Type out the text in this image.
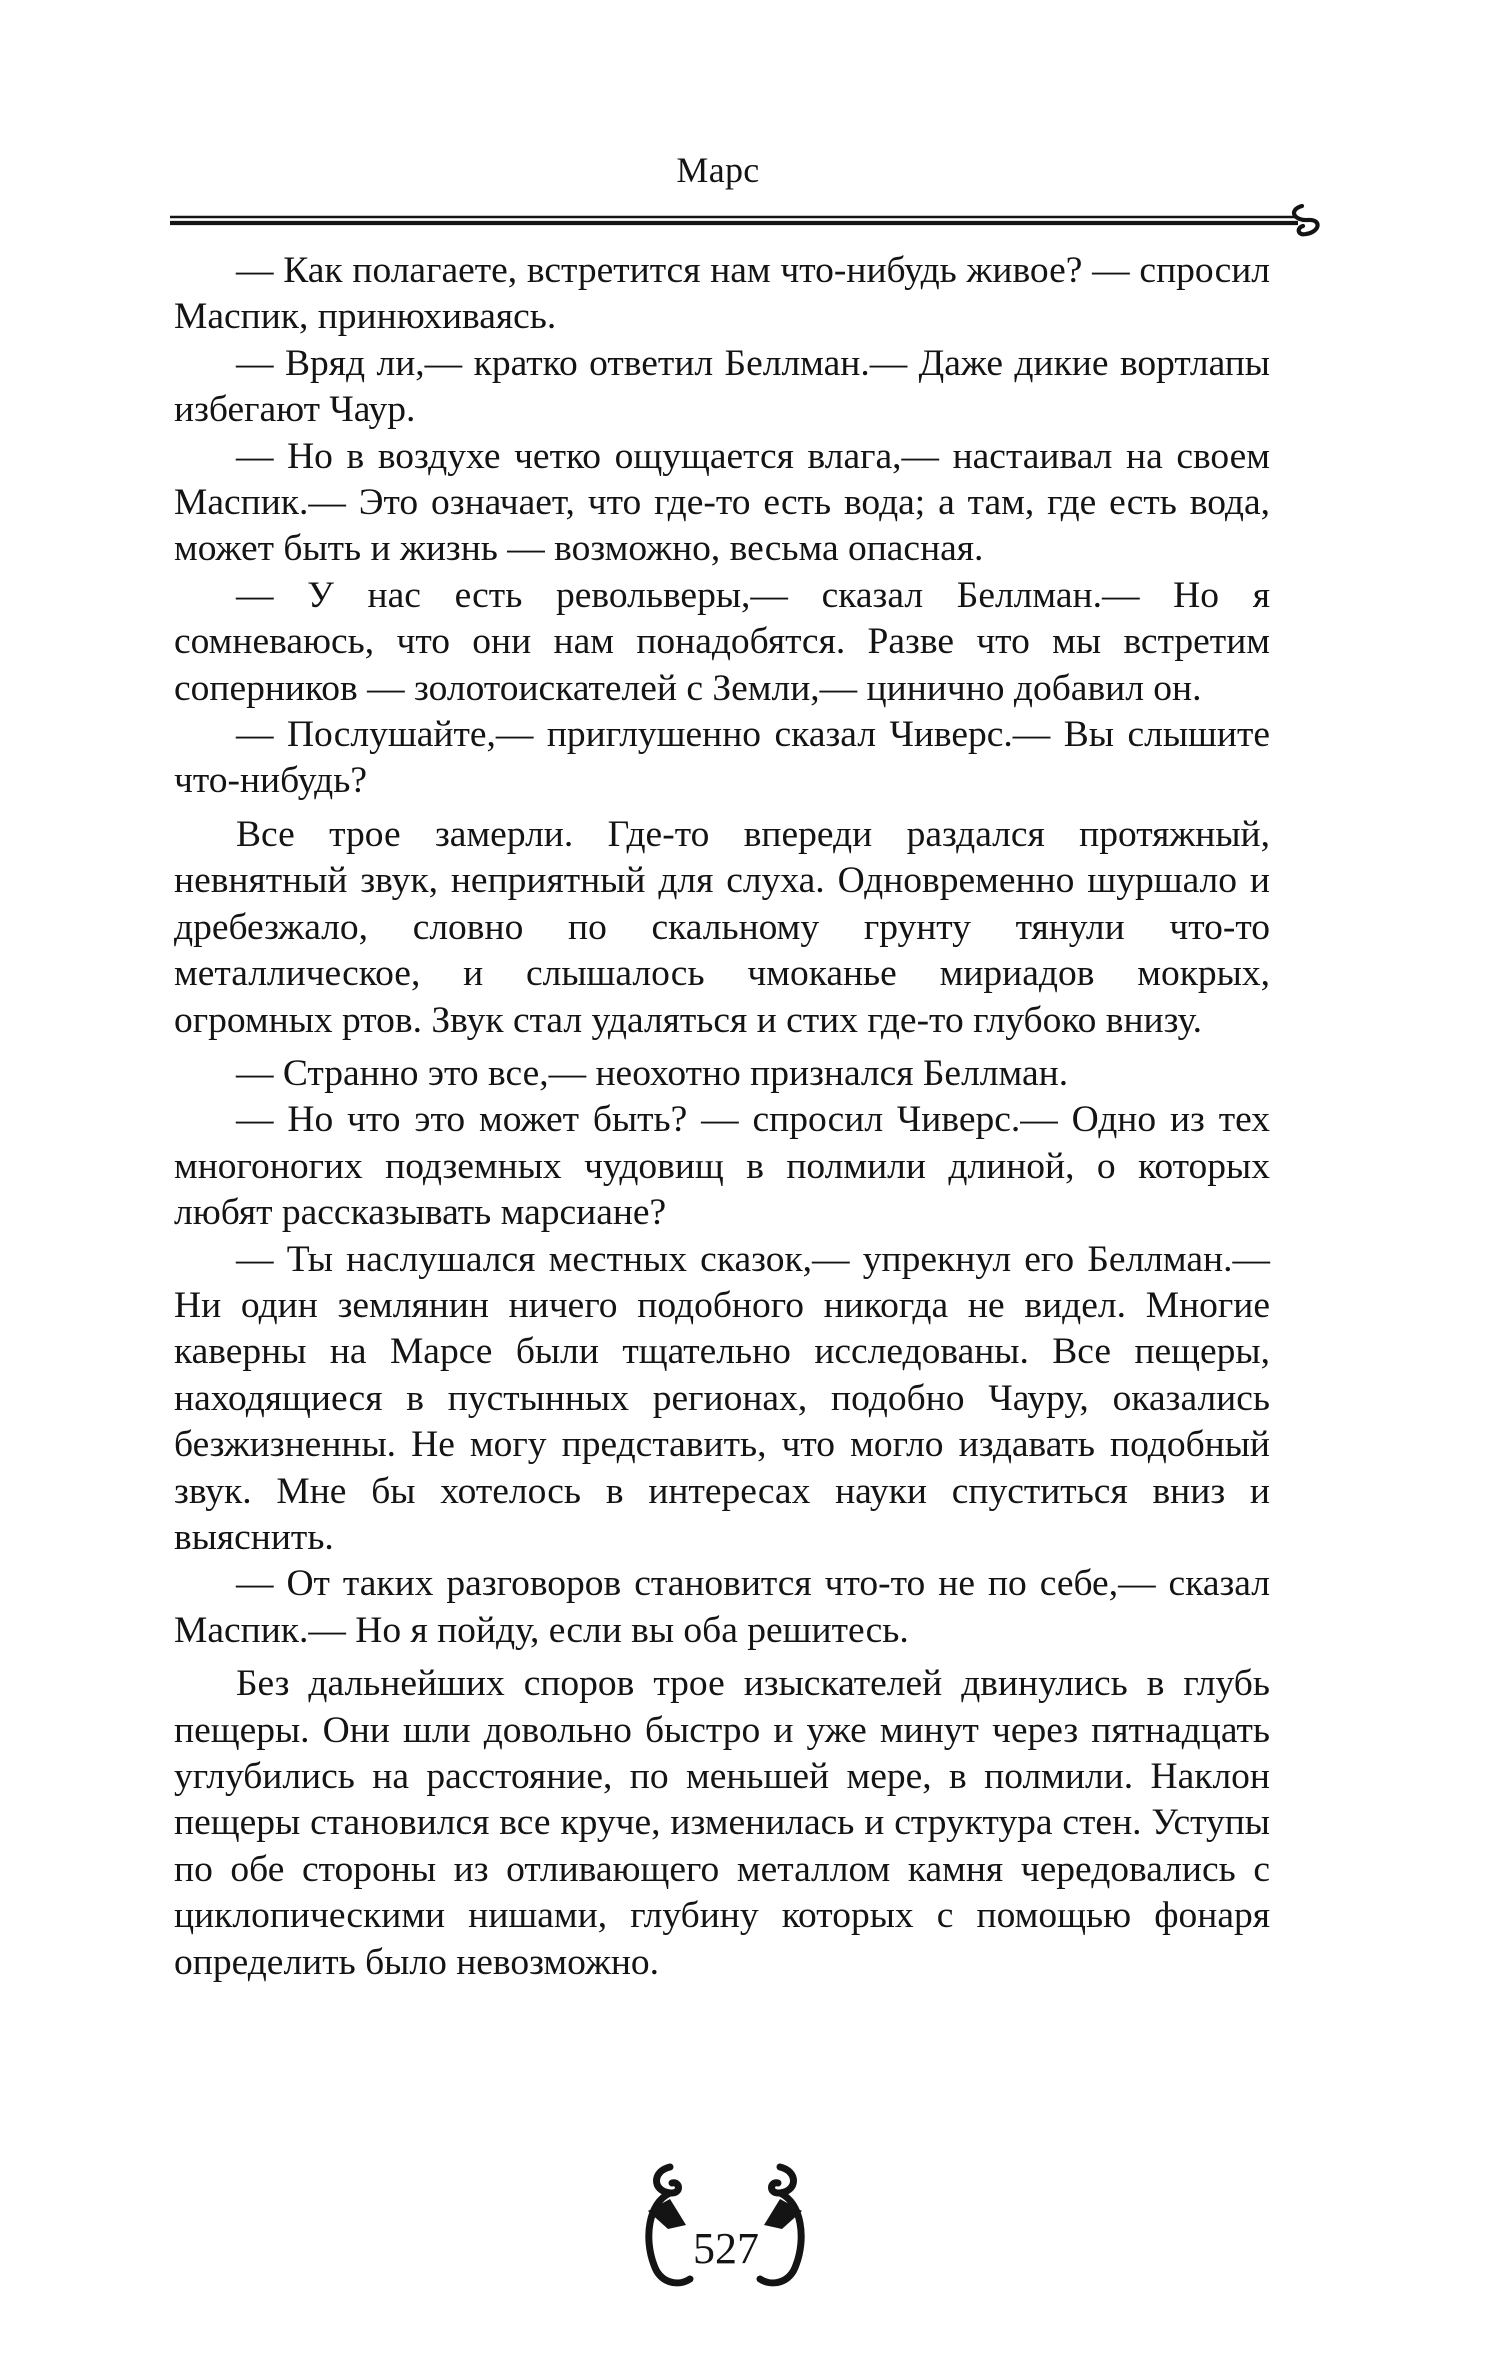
Марс

— Как полагаете, встретится нам что-нибудь живое? — спросил Маспик, принюхиваясь.

— Вряд ли,— кратко ответил Беллман.— Даже дикие вортлапы избегают Чаур.

— Но в воздухе четко ощущается влага,— настаивал на своем Маспик.— Это означает, что где-то есть вода; а там, где есть вода, может быть и жизнь — возможно, весьма опасная.

— У нас есть револьверы,— сказал Беллман.— Но я сомневаюсь, что они нам понадобятся. Разве что мы встретим соперников — золотоискателей с Земли,— цинично добавил он.

— Послушайте,— приглушенно сказал Чиверс.— Вы слышите что-нибудь?

Все трое замерли. Где-то впереди раздался протяжный, невнятный звук, неприятный для слуха. Одновременно шуршало и дребезжало, словно по скальному грунту тянули что-то металлическое, и слышалось чмоканье мириадов мокрых, огромных ртов. Звук стал удаляться и стих где-то глубоко внизу.

— Странно это все,— неохотно признался Беллман.

— Но что это может быть? — спросил Чиверс.— Одно из тех многоногих подземных чудовищ в полмили длиной, о которых любят рассказывать марсиане?

— Ты наслушался местных сказок,— упрекнул его Беллман.— Ни один землянин ничего подобного никогда не видел. Многие каверны на Марсе были тщательно исследованы. Все пещеры, находящиеся в пустынных регионах, подобно Чауру, оказались безжизненны. Не могу представить, что могло издавать подобный звук. Мне бы хотелось в интересах науки спуститься вниз и выяснить.

— От таких разговоров становится что-то не по себе,— сказал Маспик.— Но я пойду, если вы оба решитесь.

Без дальнейших споров трое изыскателей двинулись в глубь пещеры. Они шли довольно быстро и уже минут через пятнадцать углубились на расстояние, по меньшей мере, в полмили. Наклон пещеры становился все круче, изменилась и структура стен. Уступы по обе стороны из отливающего металлом камня чередовались с циклопическими нишами, глубину которых с помощью фонаря определить было невозможно.

527
